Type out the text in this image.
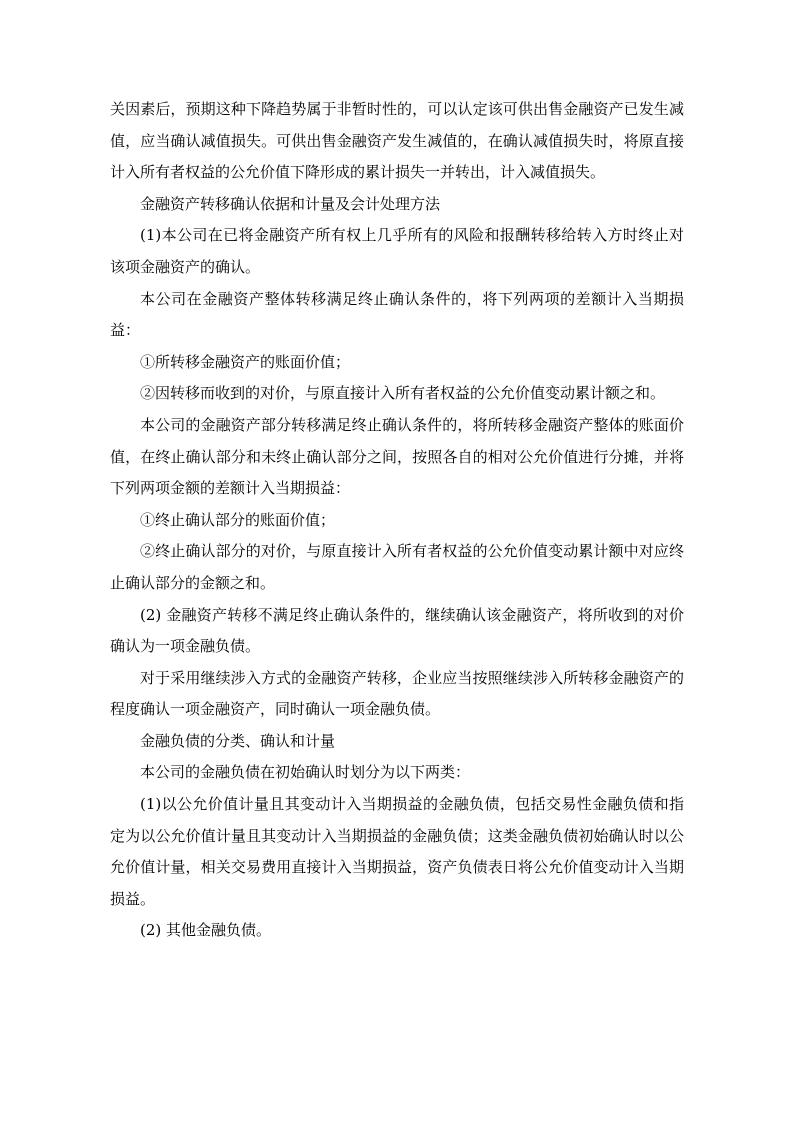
关因素后，预期这种下降趋势属于非暂时性的，可以认定该可供出售金融资产已发生减值，应当确认减值损失。可供出售金融资产发生减值的，在确认减值损失时，将原直接计入所有者权益的公允价值下降形成的累计损失一并转出，计入减值损失。

金融资产转移确认依据和计量及会计处理方法

(1)本公司在已将金融资产所有权上几乎所有的风险和报酬转移给转入方时终止对该项金融资产的确认。

本公司在金融资产整体转移满足终止确认条件的，将下列两项的差额计入当期损益：

①所转移金融资产的账面价值；

②因转移而收到的对价，与原直接计入所有者权益的公允价值变动累计额之和。

本公司的金融资产部分转移满足终止确认条件的，将所转移金融资产整体的账面价值，在终止确认部分和未终止确认部分之间，按照各自的相对公允价值进行分摊，并将下列两项金额的差额计入当期损益：

①终止确认部分的账面价值；

②终止确认部分的对价，与原直接计入所有者权益的公允价值变动累计额中对应终止确认部分的金额之和。

(2) 金融资产转移不满足终止确认条件的，继续确认该金融资产，将所收到的对价确认为一项金融负债。

对于采用继续涉入方式的金融资产转移，企业应当按照继续涉入所转移金融资产的程度确认一项金融资产，同时确认一项金融负债。

金融负债的分类、确认和计量

本公司的金融负债在初始确认时划分为以下两类：

(1)以公允价值计量且其变动计入当期损益的金融负债，包括交易性金融负债和指定为以公允价值计量且其变动计入当期损益的金融负债；这类金融负债初始确认时以公允价值计量，相关交易费用直接计入当期损益，资产负债表日将公允价值变动计入当期损益。

(2) 其他金融负债。
